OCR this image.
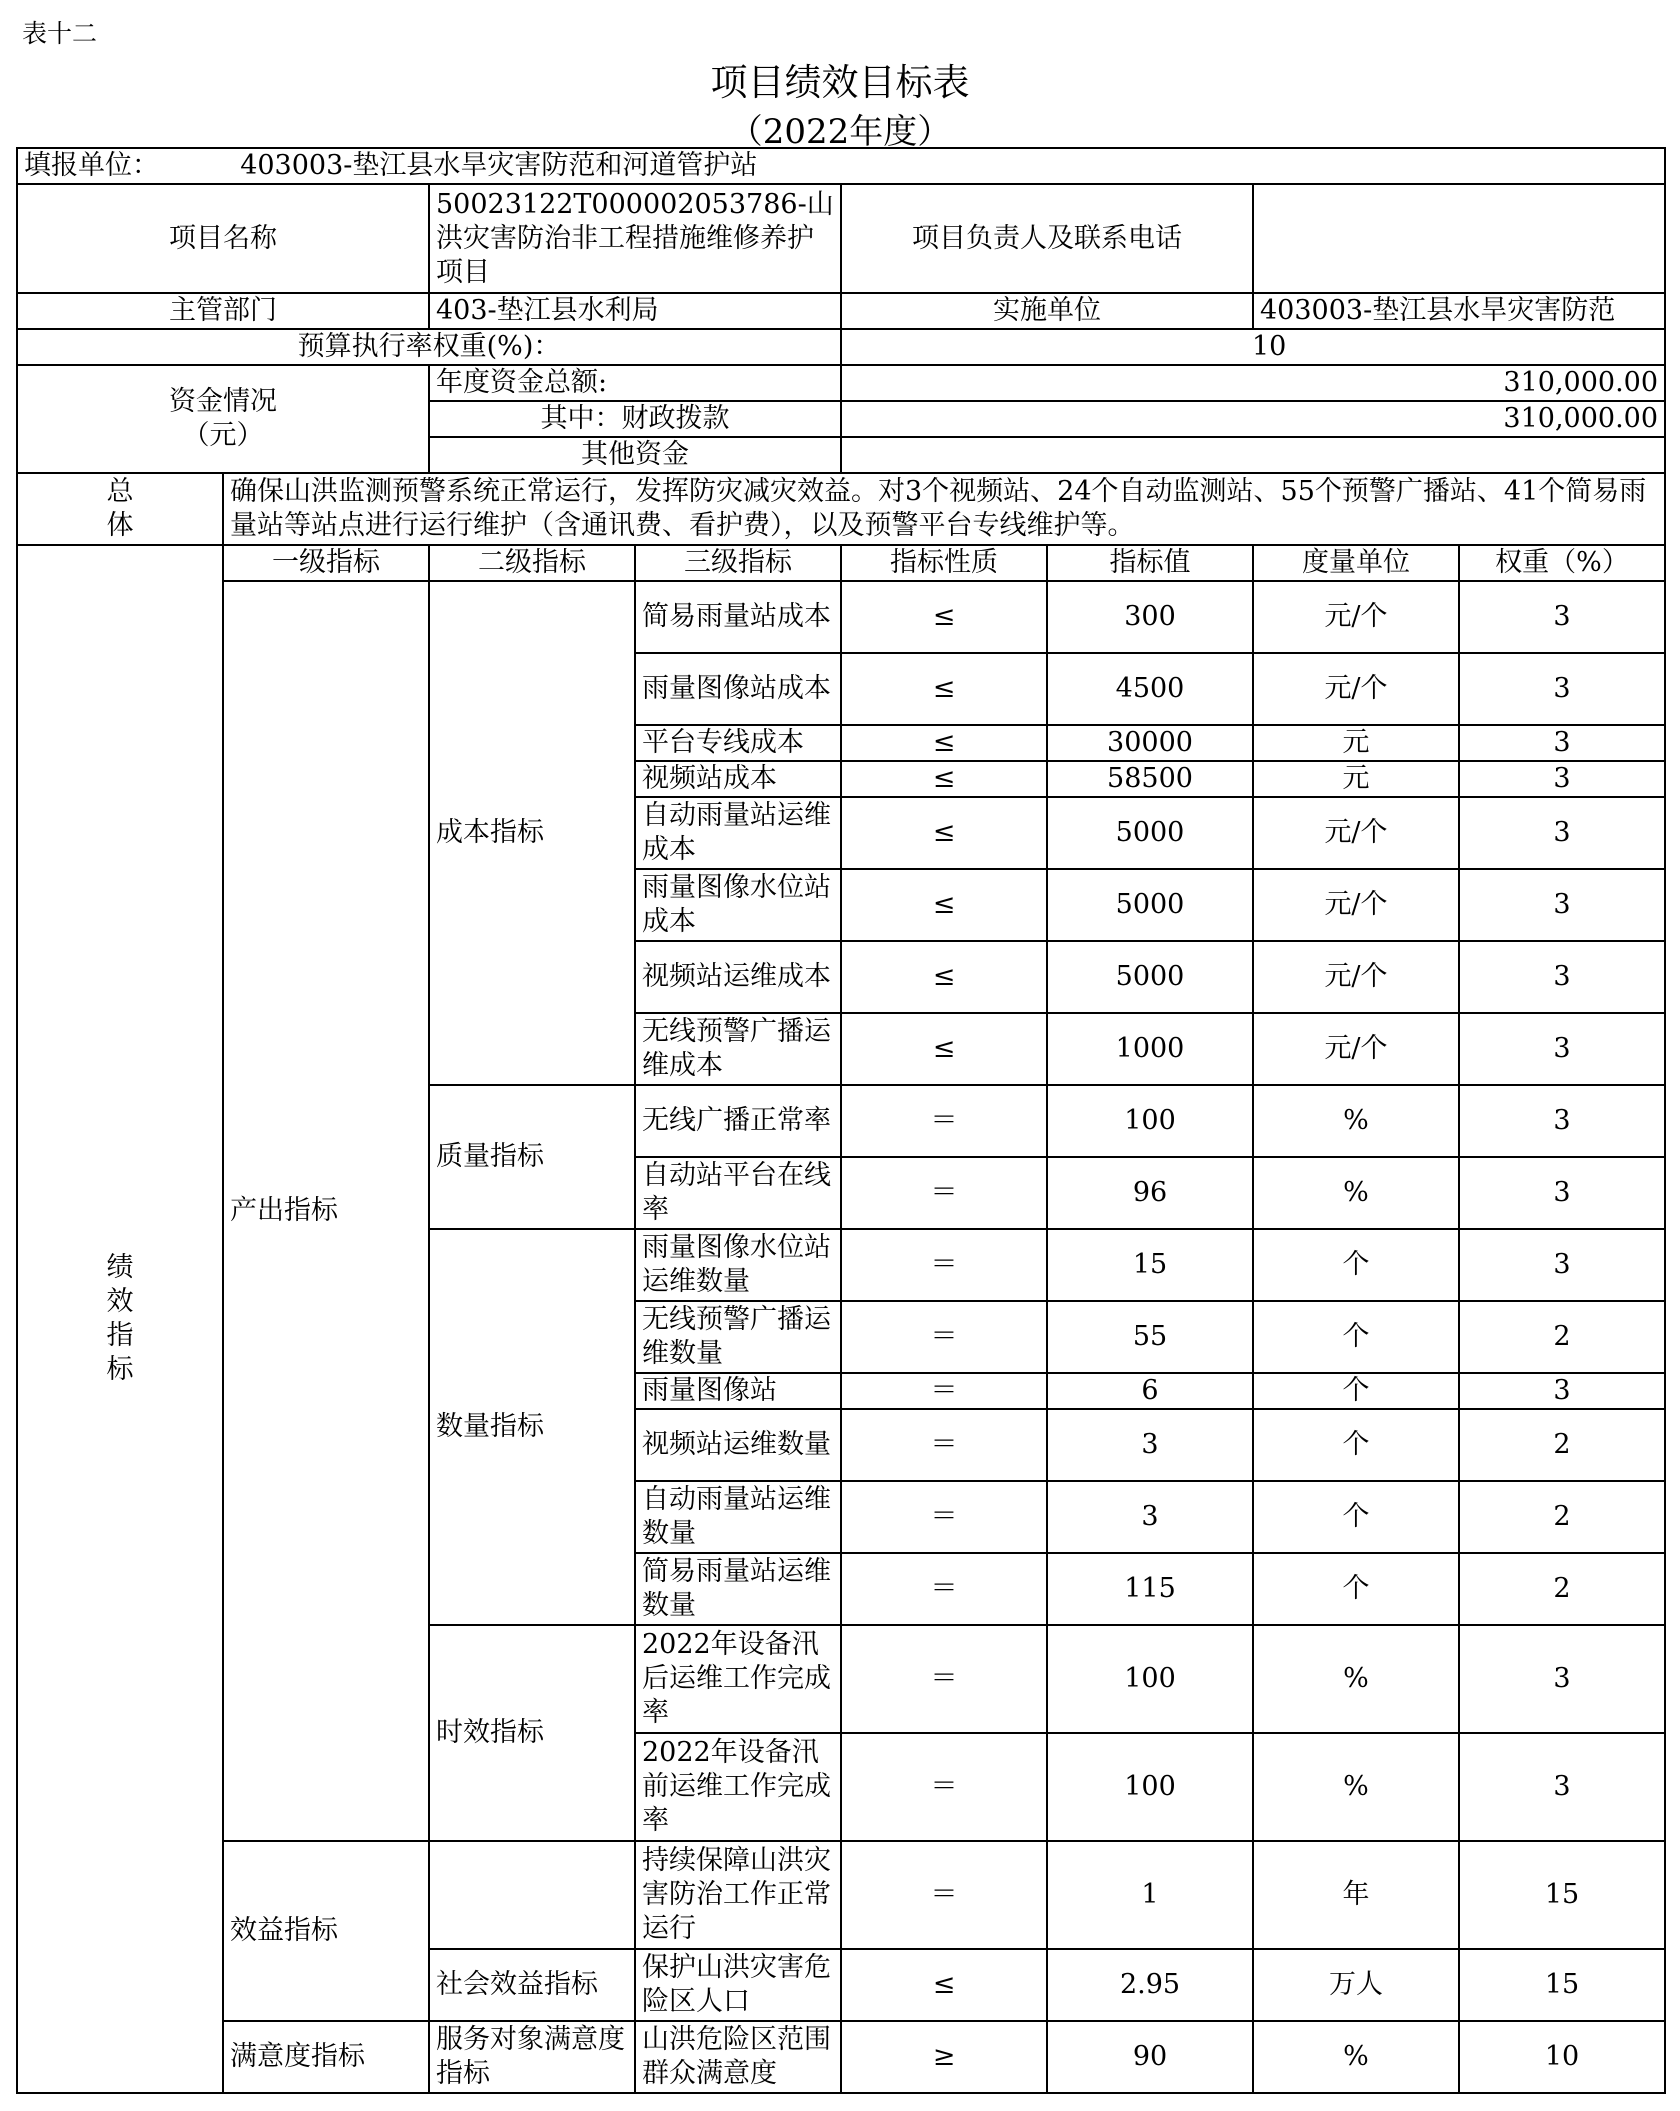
表十二
项目绩效目标表
（2022年度）
填报单位： 403003-垫江县水旱灾害防范和河道管护站							
项目名称		50023122T000002053786-山洪灾害防治非工程措施维修养护项目		项目负责人及联系电话			
主管部门		403-垫江县水利局		实施单位		403003-垫江县水旱灾害防范	
预算执行率权重(%)：				10			

资金情况
（元）		年度资金总额:		310,000.00			
		其中：财政拨款		310,000.00			
		其他资金					

总
体	确保山洪监测预警系统正常运行，发挥防灾减灾效益。对3个视频站、24个自动监测站、55个预警广播站、41个简易雨量站等站点进行运行维护（含通讯费、看护费），以及预警平台专线维护等。						

绩
效
指
标	一级指标	二级指标	三级指标	指标性质	指标值	度量单位	权重（%）
	产出指标	成本指标	简易雨量站成本	≤	300	元/个	3
			雨量图像站成本	≤	4500	元/个	3
			平台专线成本	≤	30000	元	3
			视频站成本	≤	58500	元	3
			自动雨量站运维成本	≤	5000	元/个	3
			雨量图像水位站成本	≤	5000	元/个	3
			视频站运维成本	≤	5000	元/个	3
			无线预警广播运维成本	≤	1000	元/个	3
		质量指标	无线广播正常率	＝	100	%	3
			自动站平台在线率	＝	96	%	3
		数量指标	雨量图像水位站运维数量	＝	15	个	3
			无线预警广播运维数量	＝	55	个	2
			雨量图像站	＝	6	个	3
			视频站运维数量	＝	3	个	2
			自动雨量站运维数量	＝	3	个	2
			简易雨量站运维数量	＝	115	个	2
		时效指标	2022年设备汛后运维工作完成率	＝	100	%	3
			2022年设备汛前运维工作完成率	＝	100	%	3
	效益指标		持续保障山洪灾害防治工作正常运行	＝	1	年	15
		社会效益指标	保护山洪灾害危险区人口	≤	2.95	万人	15
	满意度指标	服务对象满意度指标	山洪危险区范围群众满意度	≥	90	%	10
